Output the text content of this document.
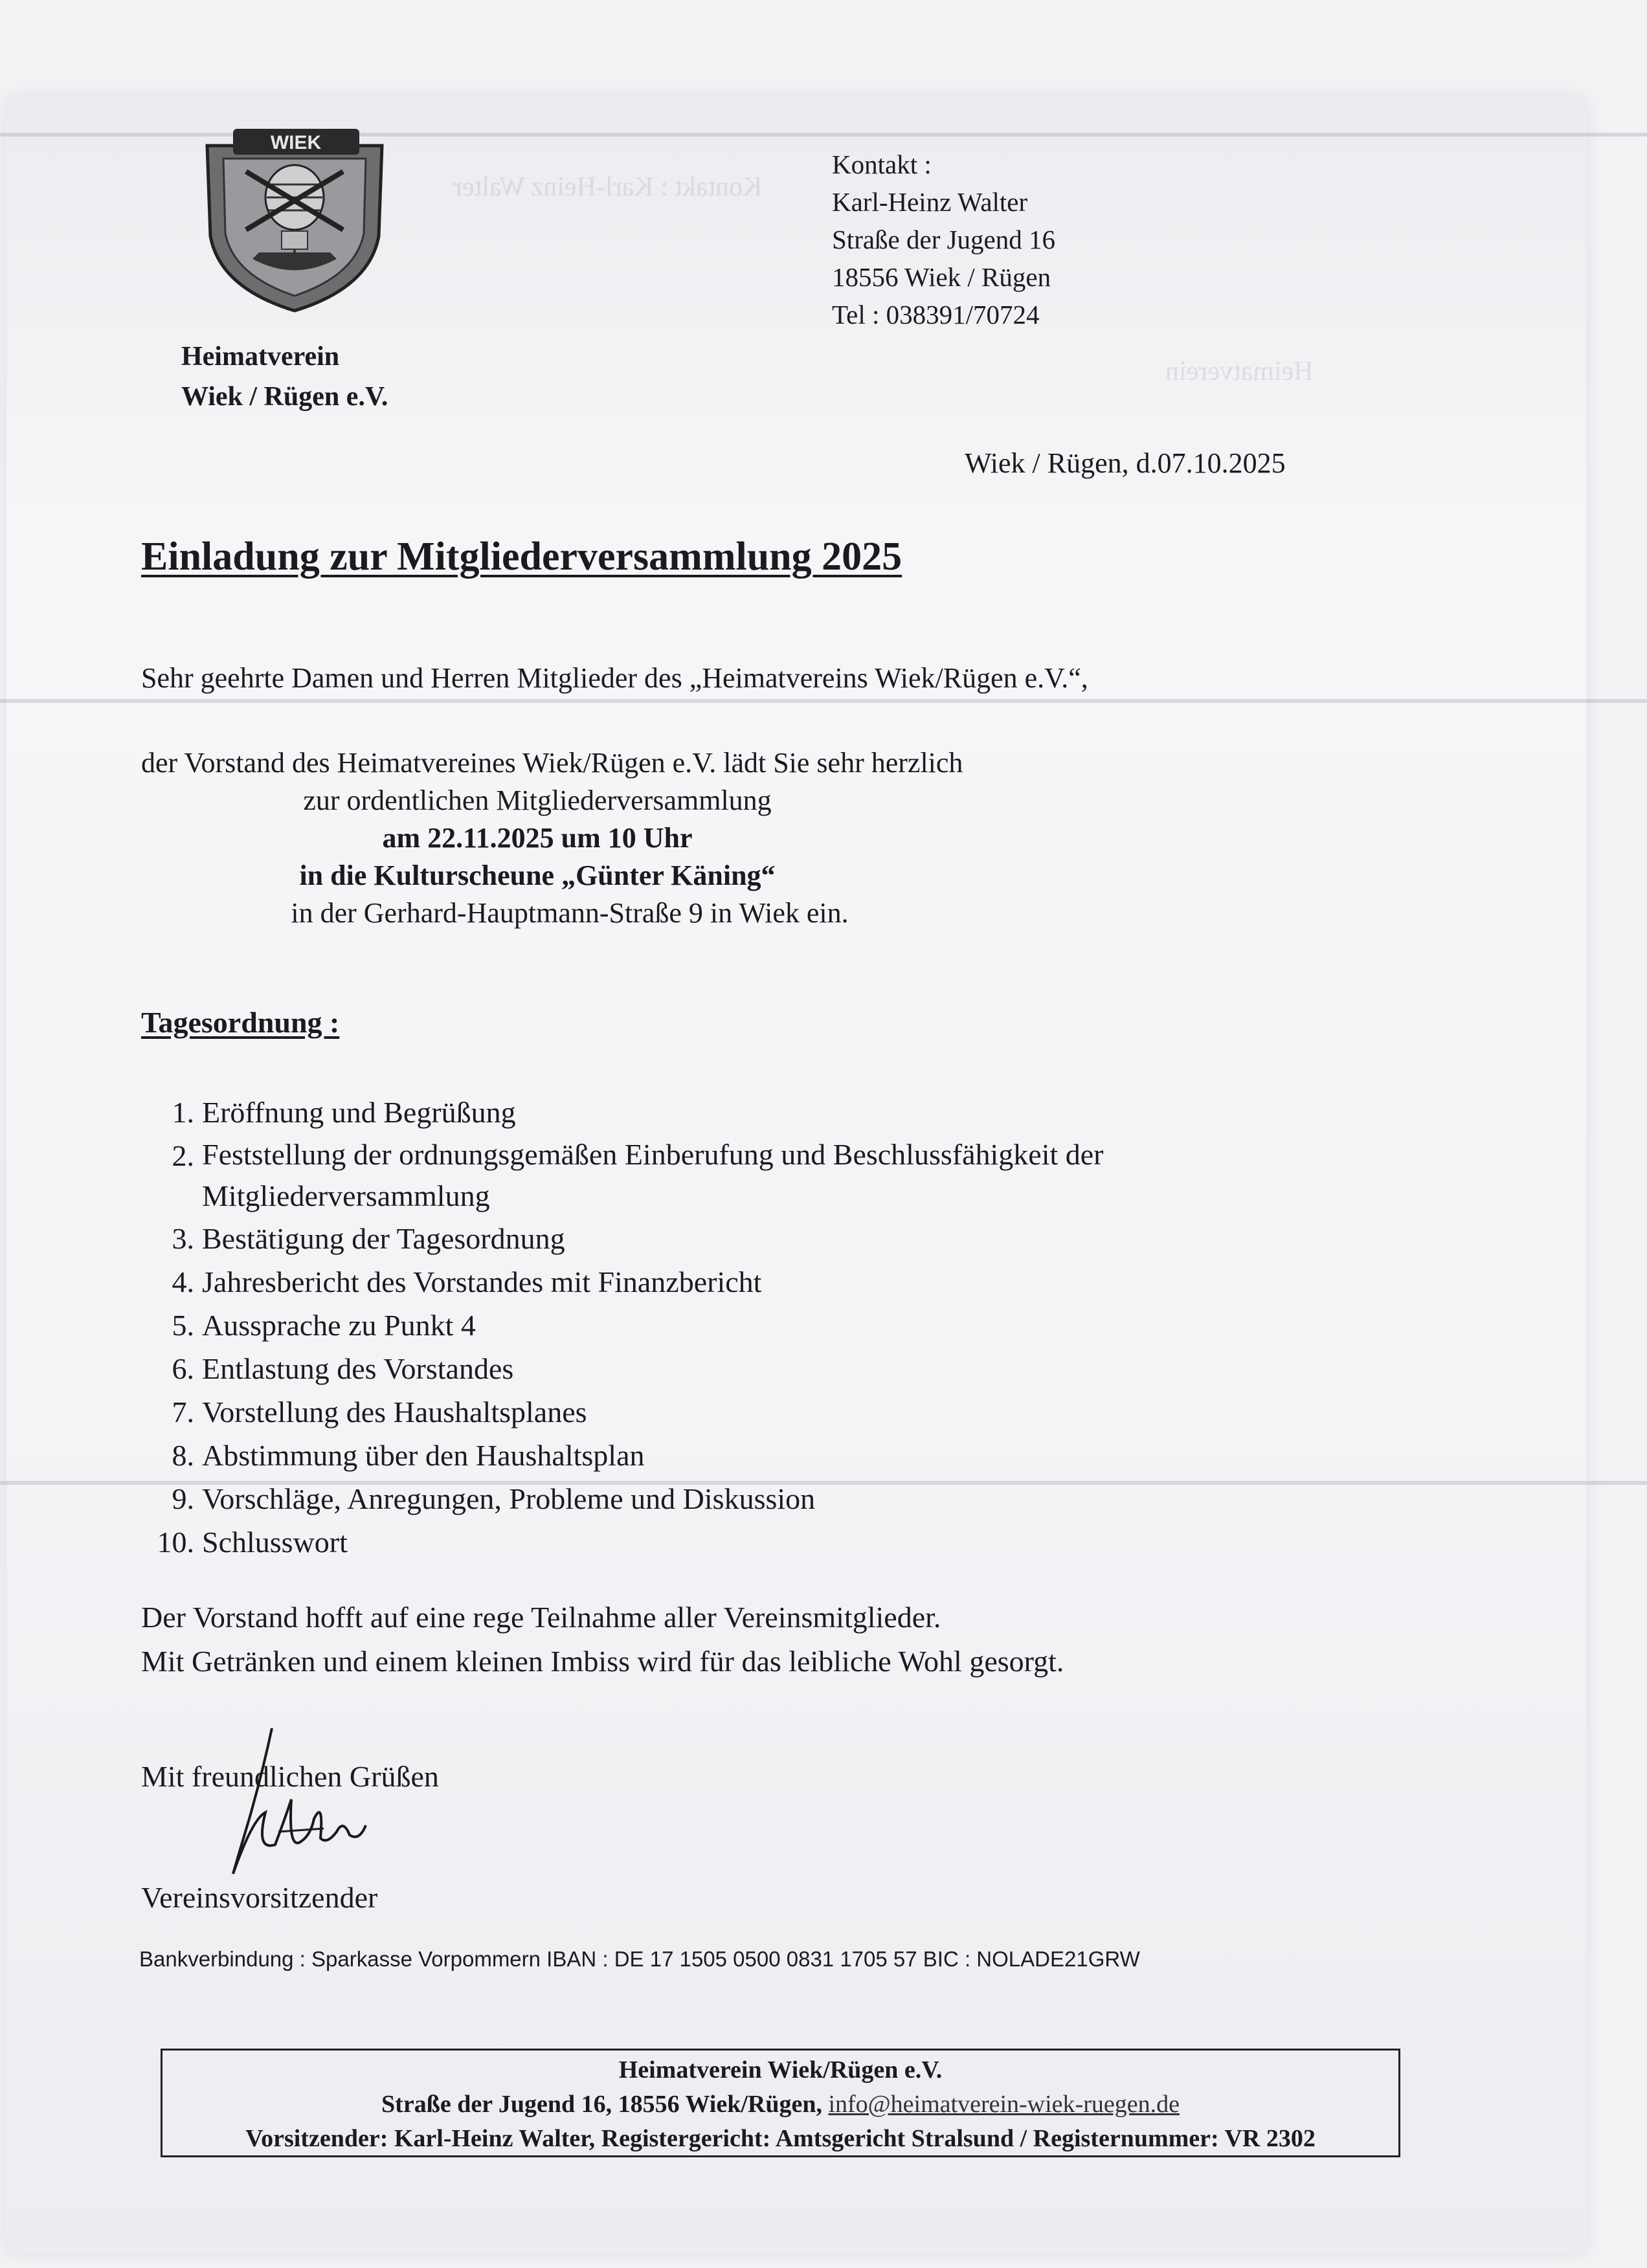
Kontakt : Karl-Heinz Walter
Heimatverein
WIEK
Heimatverein
Wiek / Rügen e.V.
Kontakt :
Karl-Heinz Walter
Straße der Jugend 16
18556 Wiek / Rügen
Tel : 038391/70724
Wiek / Rügen, d.07.10.2025
Einladung zur Mitgliederversammlung 2025
Sehr geehrte Damen und Herren Mitglieder des „Heimatvereins Wiek/Rügen e.V.“,
der Vorstand des Heimatvereines Wiek/Rügen e.V. lädt Sie sehr herzlich
zur ordentlichen Mitgliederversammlung
am 22.11.2025 um 10 Uhr
in die Kulturscheune „Günter Käning“
in der Gerhard-Hauptmann-Straße 9 in Wiek ein.
Tagesordnung :
1. Eröffnung und Begrüßung
2. Feststellung der ordnungsgemäßen Einberufung und Beschlussfähigkeit der Mitgliederversammlung
3. Bestätigung der Tagesordnung
4. Jahresbericht des Vorstandes mit Finanzbericht
5. Aussprache zu Punkt 4
6. Entlastung des Vorstandes
7. Vorstellung des Haushaltsplanes
8. Abstimmung über den Haushaltsplan
9. Vorschläge, Anregungen, Probleme und Diskussion
10. Schlusswort
Der Vorstand hofft auf eine rege Teilnahme aller Vereinsmitglieder.
Mit Getränken und einem kleinen Imbiss wird für das leibliche Wohl gesorgt.
Mit freundlichen Grüßen
Vereinsvorsitzender
Bankverbindung : Sparkasse Vorpommern IBAN : DE 17 1505 0500 0831 1705 57 BIC : NOLADE21GRW
Heimatverein Wiek/Rügen e.V.
Straße der Jugend 16, 18556 Wiek/Rügen, info@heimatverein-wiek-ruegen.de
Vorsitzender: Karl-Heinz Walter, Registergericht: Amtsgericht Stralsund / Registernummer: VR 2302
